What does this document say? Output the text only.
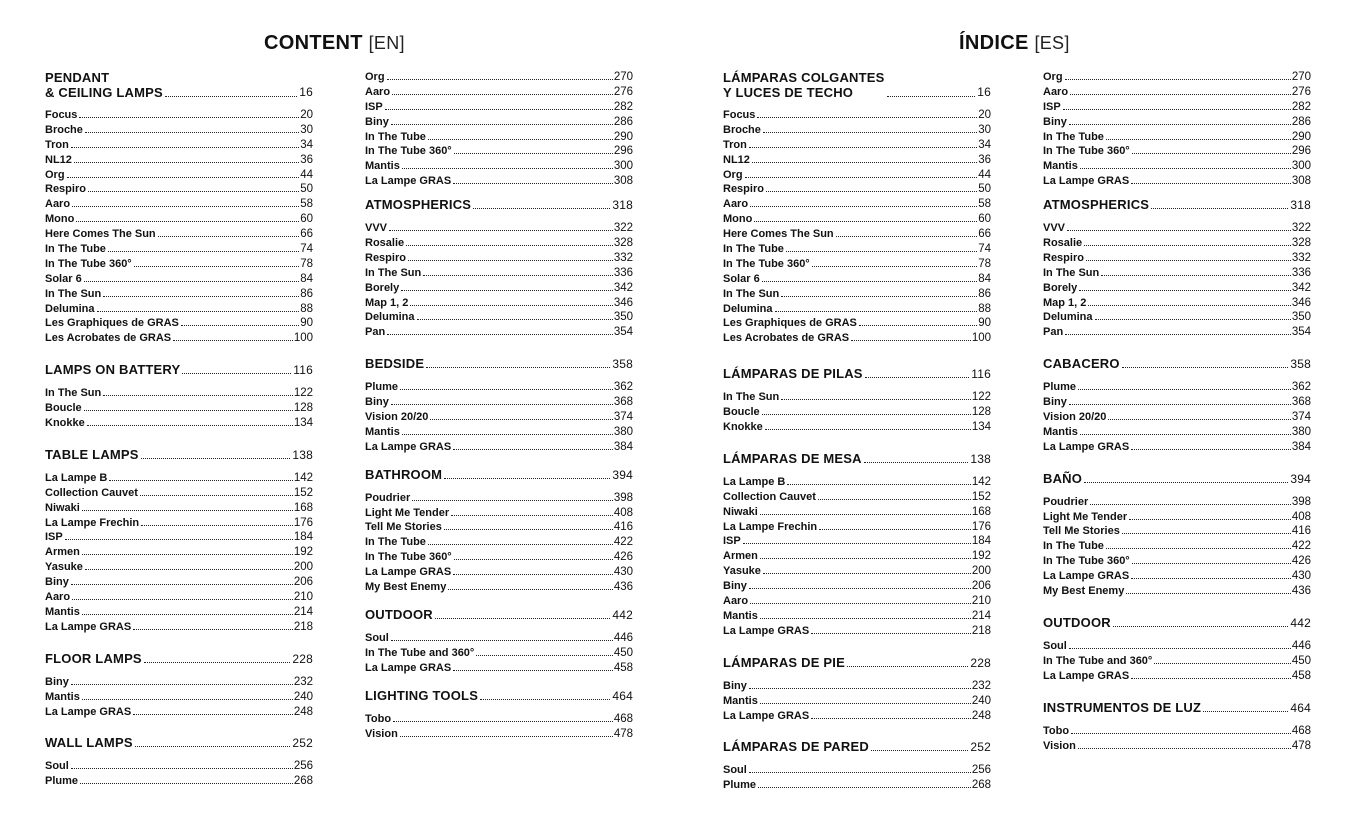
CONTENT [EN]	ÍNDICE [ES]
PENDANT
& CEILING LAMPS	16
Focus	20
Broche	30
Tron	34
NL12	36
Org	44
Respiro	50
Aaro	58
Mono	60
Here Comes The Sun	66
In The Tube	74
In The Tube 360°	78
Solar 6	84
In The Sun	86
Delumina	88
Les Graphiques de GRAS	90
Les Acrobates de GRAS	100
LAMPS ON BATTERY	116
In The Sun	122
Boucle	128
Knokke	134
TABLE LAMPS	138
La Lampe B	142
Collection Cauvet	152
Niwaki	168
La Lampe Frechin	176
ISP	184
Armen	192
Yasuke	200
Biny	206
Aaro	210
Mantis	214
La Lampe GRAS	218
FLOOR LAMPS	228
Biny	232
Mantis	240
La Lampe GRAS	248
WALL LAMPS	252
Soul	256
Plume	268
Org	270
Aaro	276
ISP	282
Biny	286
In The Tube	290
In The Tube 360°	296
Mantis	300
La Lampe GRAS	308
ATMOSPHERICS	318
VVV	322
Rosalie	328
Respiro	332
In The Sun	336
Borely	342
Map 1, 2	346
Delumina	350
Pan	354
BEDSIDE	358
Plume	362
Biny	368
Vision 20/20	374
Mantis	380
La Lampe GRAS	384
BATHROOM	394
Poudrier	398
Light Me Tender	408
Tell Me Stories	416
In The Tube	422
In The Tube 360°	426
La Lampe GRAS	430
My Best Enemy	436
OUTDOOR	442
Soul	446
In The Tube and 360°	450
La Lampe GRAS	458
LIGHTING TOOLS	464
Tobo	468
Vision	478
LÁMPARAS COLGANTES
Y LUCES DE TECHO	16
Focus	20
Broche	30
Tron	34
NL12	36
Org	44
Respiro	50
Aaro	58
Mono	60
Here Comes The Sun	66
In The Tube	74
In The Tube 360°	78
Solar 6	84
In The Sun	86
Delumina	88
Les Graphiques de GRAS	90
Les Acrobates de GRAS	100
LÁMPARAS DE PILAS	116
In The Sun	122
Boucle	128
Knokke	134
LÁMPARAS DE MESA	138
La Lampe B	142
Collection Cauvet	152
Niwaki	168
La Lampe Frechin	176
ISP	184
Armen	192
Yasuke	200
Biny	206
Aaro	210
Mantis	214
La Lampe GRAS	218
LÁMPARAS DE PIE	228
Biny	232
Mantis	240
La Lampe GRAS	248
LÁMPARAS DE PARED	252
Soul	256
Plume	268
Org	270
Aaro	276
ISP	282
Biny	286
In The Tube	290
In The Tube 360°	296
Mantis	300
La Lampe GRAS	308
ATMOSPHERICS	318
VVV	322
Rosalie	328
Respiro	332
In The Sun	336
Borely	342
Map 1, 2	346
Delumina	350
Pan	354
CABACERO	358
Plume	362
Biny	368
Vision 20/20	374
Mantis	380
La Lampe GRAS	384
BAÑO	394
Poudrier	398
Light Me Tender	408
Tell Me Stories	416
In The Tube	422
In The Tube 360°	426
La Lampe GRAS	430
My Best Enemy	436
OUTDOOR	442
Soul	446
In The Tube and 360°	450
La Lampe GRAS	458
INSTRUMENTOS DE LUZ	464
Tobo	468
Vision	478
